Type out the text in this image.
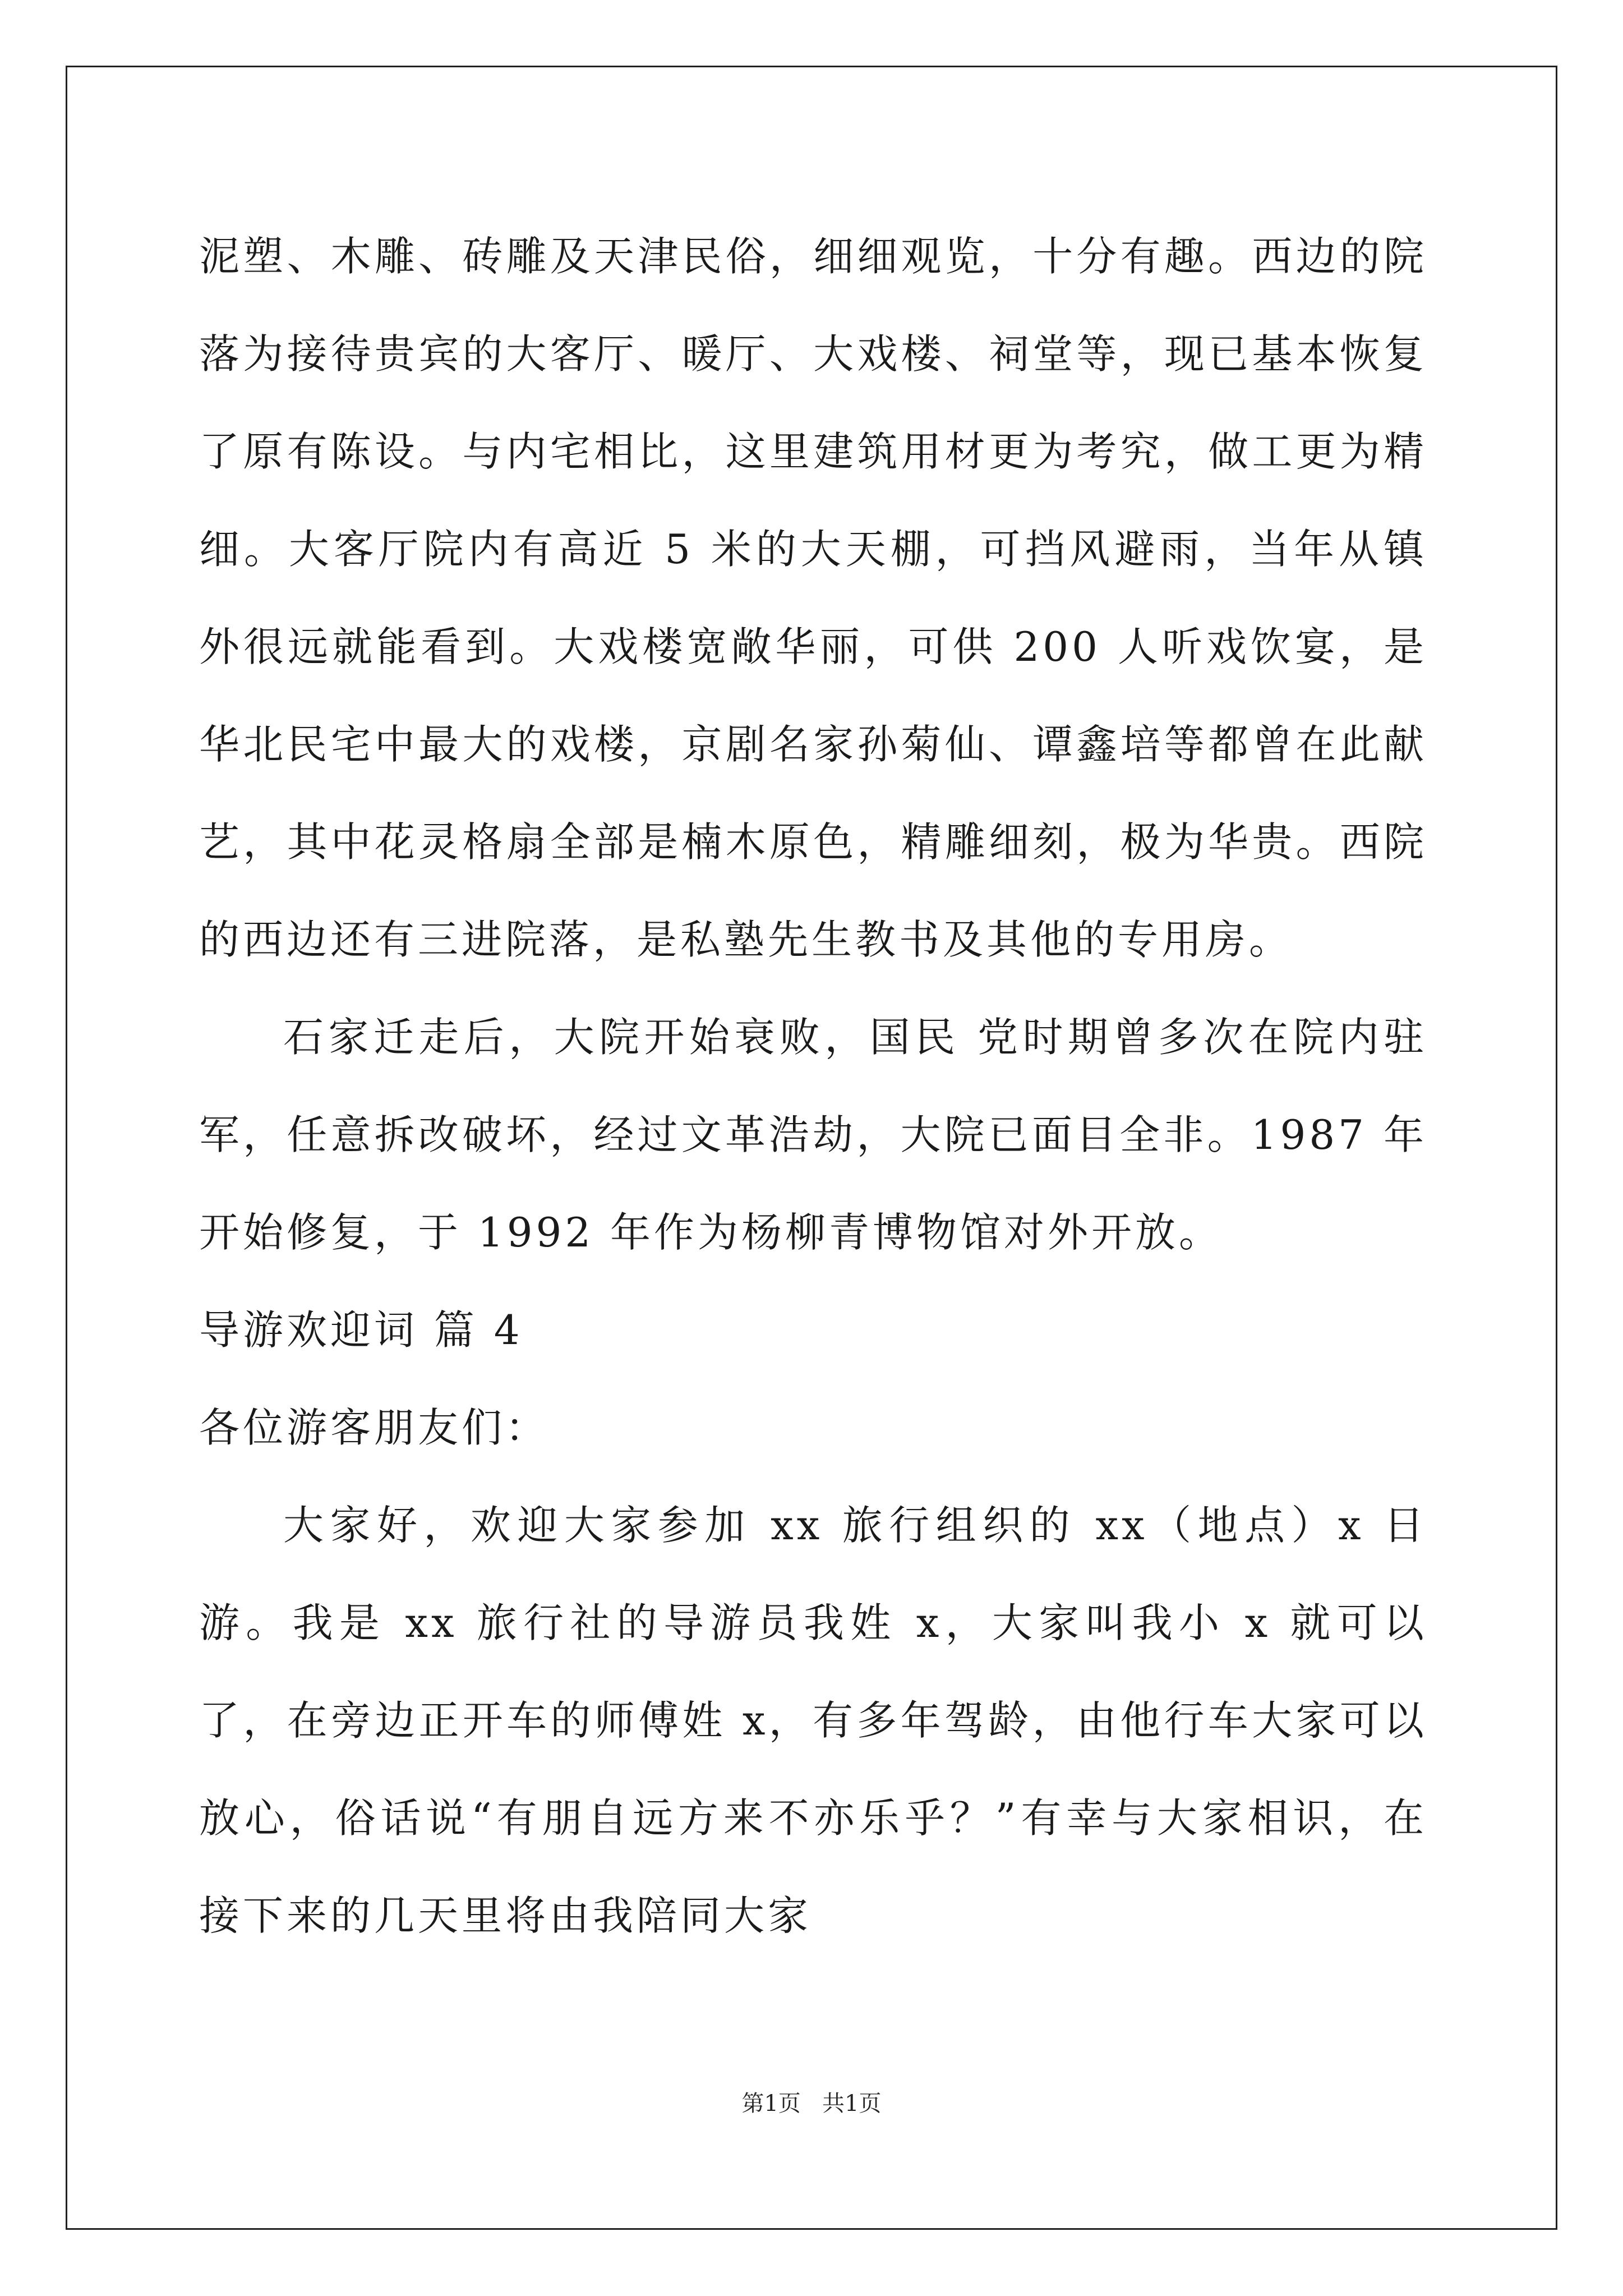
泥塑、木雕、砖雕及天津民俗，细细观览，十分有趣。西边的院落为接待贵宾的大客厅、暖厅、大戏楼、祠堂等，现已基本恢复了原有陈设。与内宅相比，这里建筑用材更为考究，做工更为精细。大客厅院内有高近 5 米的大天棚，可挡风避雨，当年从镇外很远就能看到。大戏楼宽敞华丽，可供 200 人听戏饮宴，是华北民宅中最大的戏楼，京剧名家孙菊仙、谭鑫培等都曾在此献艺，其中花灵格扇全部是楠木原色，精雕细刻，极为华贵。西院的西边还有三进院落，是私塾先生教书及其他的专用房。

石家迁走后，大院开始衰败，国民 党时期曾多次在院内驻军，任意拆改破坏，经过文革浩劫，大院已面目全非。1987 年开始修复，于 1992 年作为杨柳青博物馆对外开放。

导游欢迎词 篇 4

各位游客朋友们：

大家好，欢迎大家参加 xx 旅行组织的 xx（地点）x 日游。我是 xx 旅行社的导游员我姓 x，大家叫我小 x 就可以了，在旁边正开车的师傅姓 x，有多年驾龄，由他行车大家可以放心，俗话说“有朋自远方来不亦乐乎？”有幸与大家相识，在接下来的几天里将由我陪同大家

第1页   共1页
